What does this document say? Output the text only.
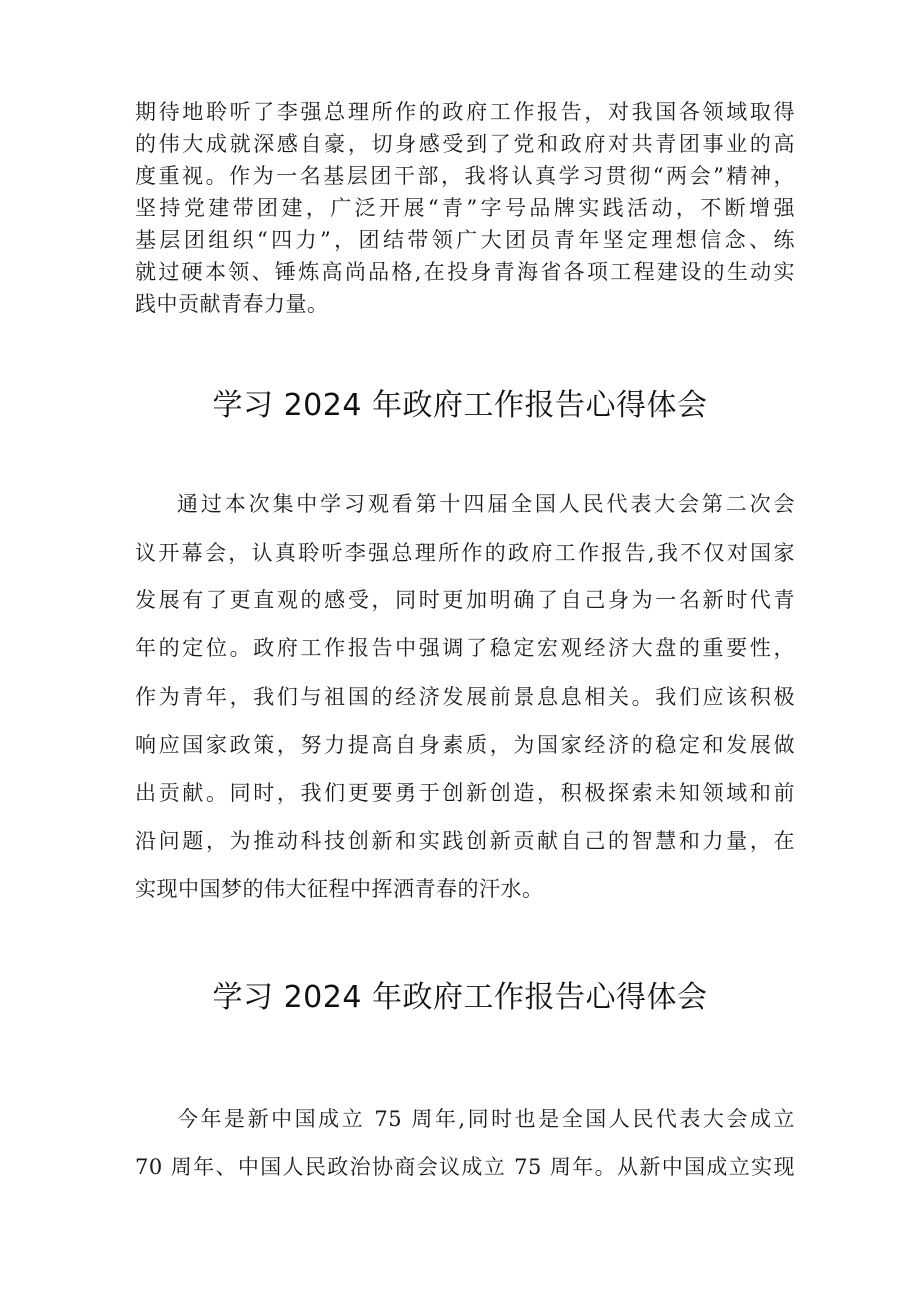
期待地聆听了李强总理所作的政府工作报告，对我国各领域取得

的伟大成就深感自豪，切身感受到了党和政府对共青团事业的高

度重视。作为一名基层团干部，我将认真学习贯彻“两会”精神，

坚持党建带团建，广泛开展“青”字号品牌实践活动，不断增强

基层团组织“四力”，团结带领广大团员青年坚定理想信念、练

就过硬本领、锤炼高尚品格,在投身青海省各项工程建设的生动实

践中贡献青春力量。

学习 2024 年政府工作报告心得体会

通过本次集中学习观看第十四届全国人民代表大会第二次会

议开幕会，认真聆听李强总理所作的政府工作报告,我不仅对国家

发展有了更直观的感受，同时更加明确了自己身为一名新时代青

年的定位。政府工作报告中强调了稳定宏观经济大盘的重要性，

作为青年，我们与祖国的经济发展前景息息相关。我们应该积极

响应国家政策，努力提高自身素质，为国家经济的稳定和发展做

出贡献。同时，我们更要勇于创新创造，积极探索未知领域和前

沿问题，为推动科技创新和实践创新贡献自己的智慧和力量，在

实现中国梦的伟大征程中挥洒青春的汗水。

学习 2024 年政府工作报告心得体会

今年是新中国成立 75 周年,同时也是全国人民代表大会成立

70 周年、中国人民政治协商会议成立 75 周年。从新中国成立实现
